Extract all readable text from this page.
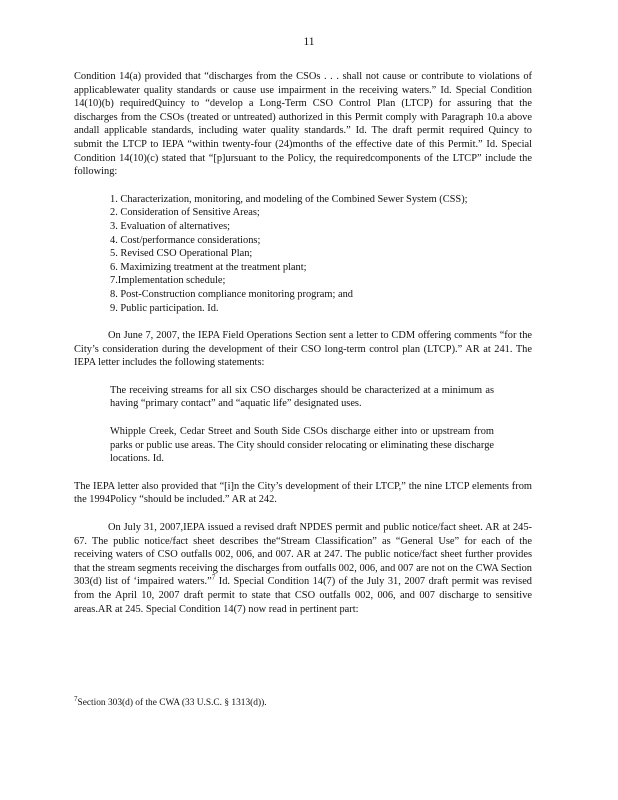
11

Condition 14(a) provided that “discharges from the CSOs . . . shall not cause or contribute to violations of applicablewater quality standards or cause use impairment in the receiving waters.” Id. Special Condition 14(10)(b) requiredQuincy to “develop a Long-Term CSO Control Plan (LTCP) for assuring that the discharges from the CSOs (treated or untreated) authorized in this Permit comply with Paragraph 10.a above andall applicable standards, including water quality standards.” Id. The draft permit required Quincy to submit the LTCP to IEPA “within twenty-four (24)months of the effective date of this Permit.” Id. Special Condition 14(10)(c) stated that “[p]ursuant to the Policy, the requiredcomponents of the LTCP” include the following:

1. Characterization, monitoring, and modeling of the Combined Sewer System (CSS);
2. Consideration of Sensitive Areas;
3. Evaluation of alternatives;
4. Cost/performance considerations;
5. Revised CSO Operational Plan;
6. Maximizing treatment at the treatment plant;
7.Implementation schedule;
8. Post-Construction compliance monitoring program; and
9. Public participation. Id.

On June 7, 2007, the IEPA Field Operations Section sent a letter to CDM offering comments “for the City’s consideration during the development of their CSO long-term control plan (LTCP).” AR at 241. The IEPA letter includes the following statements:

The receiving streams for all six CSO discharges should be characterized at a minimum as having “primary contact” and “aquatic life” designated uses.

Whipple Creek, Cedar Street and South Side CSOs discharge either into or upstream from parks or public use areas. The City should consider relocating or eliminating these discharge locations. Id.

The IEPA letter also provided that “[i]n the City’s development of their LTCP,” the nine LTCP elements from the 1994Policy “should be included.” AR at 242.

On July 31, 2007,IEPA issued a revised draft NPDES permit and public notice/fact sheet. AR at 245-67. The public notice/fact sheet describes the“Stream Classification” as “General Use” for each of the receiving waters of CSO outfalls 002, 006, and 007. AR at 247. The public notice/fact sheet further provides that the stream segments receiving the discharges from outfalls 002, 006, and 007 are not on the CWA Section 303(d) list of ‘impaired waters.”$^7$ Id. Special Condition 14(7) of the July 31, 2007 draft permit was revised from the April 10, 2007 draft permit to state that CSO outfalls 002, 006, and 007 discharge to sensitive areas.AR at 245. Special Condition 14(7) now read in pertinent part:

$^7$Section 303(d) of the CWA (33 U.S.C. § 1313(d)).
